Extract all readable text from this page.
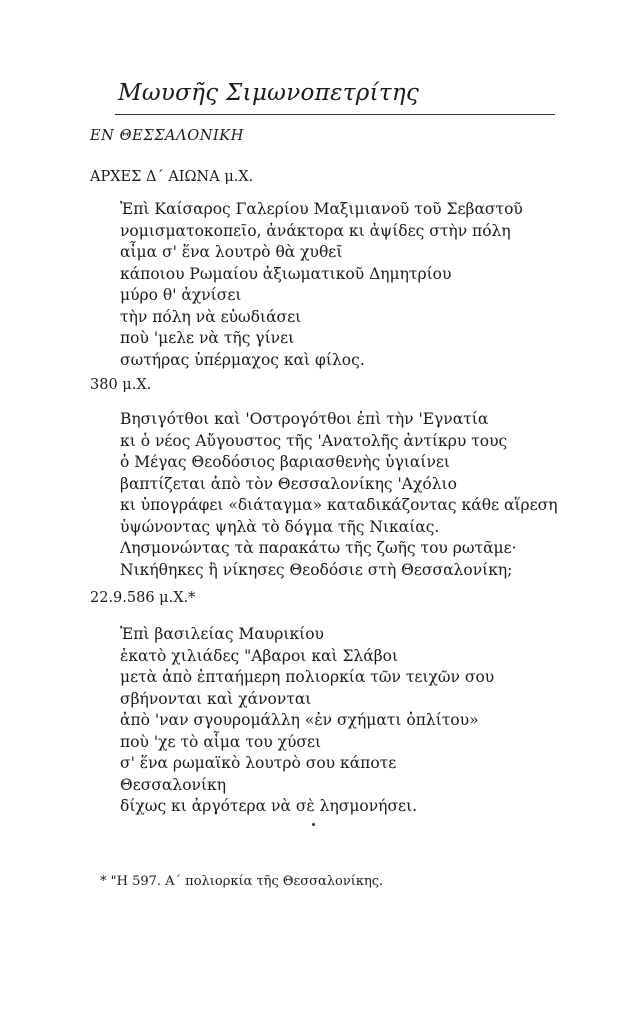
Μωυσῆς Σιμωνοπετρίτης
ΕΝ ΘΕΣΣΑΛΟΝΙΚΗ
ΑΡΧΕΣ Δ΄ ΑΙΩΝΑ μ.Χ.
Ἐπὶ Καίσαρος Γαλερίου Μαξιμιανοῦ τοῦ Σεβαστοῦ
νομισματοκοπεῖο, ἀνάκτορα κι ἀψίδες στὴν πόλη
αἷμα σ' ἕνα λουτρὸ θὰ χυθεῖ
κάποιου Ρωμαίου ἀξιωματικοῦ Δημητρίου
μύρο θ' ἀχνίσει
τὴν πόλη νὰ εὐωδιάσει
ποὺ 'μελε νὰ τῆς γίνει
σωτήρας ὑπέρμαχος καὶ φίλος.
380 μ.Χ.
Βησιγότθοι καὶ 'Οστρογότθοι ἐπὶ τὴν 'Εγνατία
κι ὁ νέος Αὔγουστος τῆς 'Ανατολῆς ἀντίκρυ τους
ὁ Μέγας Θεοδόσιος βαριασθενὴς ὑγιαίνει
βαπτίζεται ἀπὸ τὸν Θεσσαλονίκης 'Αχόλιο
κι ὑπογράφει «διάταγμα» καταδικάζοντας κάθε αἵρεση
ὑψώνοντας ψηλὰ τὸ δόγμα τῆς Νικαίας.
Λησμονώντας τὰ παρακάτω τῆς ζωῆς του ρωτᾶμε·
Νικήθηκες ἢ νίκησες Θεοδόσιε στὴ Θεσσαλονίκη;
22.9.586 μ.Χ.*
Ἐπὶ βασιλείας Μαυρικίου
ἑκατὸ χιλιάδες "Αβαροι καὶ Σλάβοι
μετὰ ἀπὸ ἑπταήμερη πολιορκία τῶν τειχῶν σου
σβήνονται καὶ χάνονται
ἀπὸ 'ναν σγουρομάλλη «ἐν σχήματι ὁπλίτου»
ποὺ 'χε τὸ αἷμα του χύσει
σ' ἕνα ρωμαϊκὸ λουτρὸ σου κάποτε
Θεσσαλονίκη
δίχως κι ἀργότερα νὰ σὲ λησμονήσει.
* "Η 597. Α΄ πολιορκία τῆς Θεσσαλονίκης.
